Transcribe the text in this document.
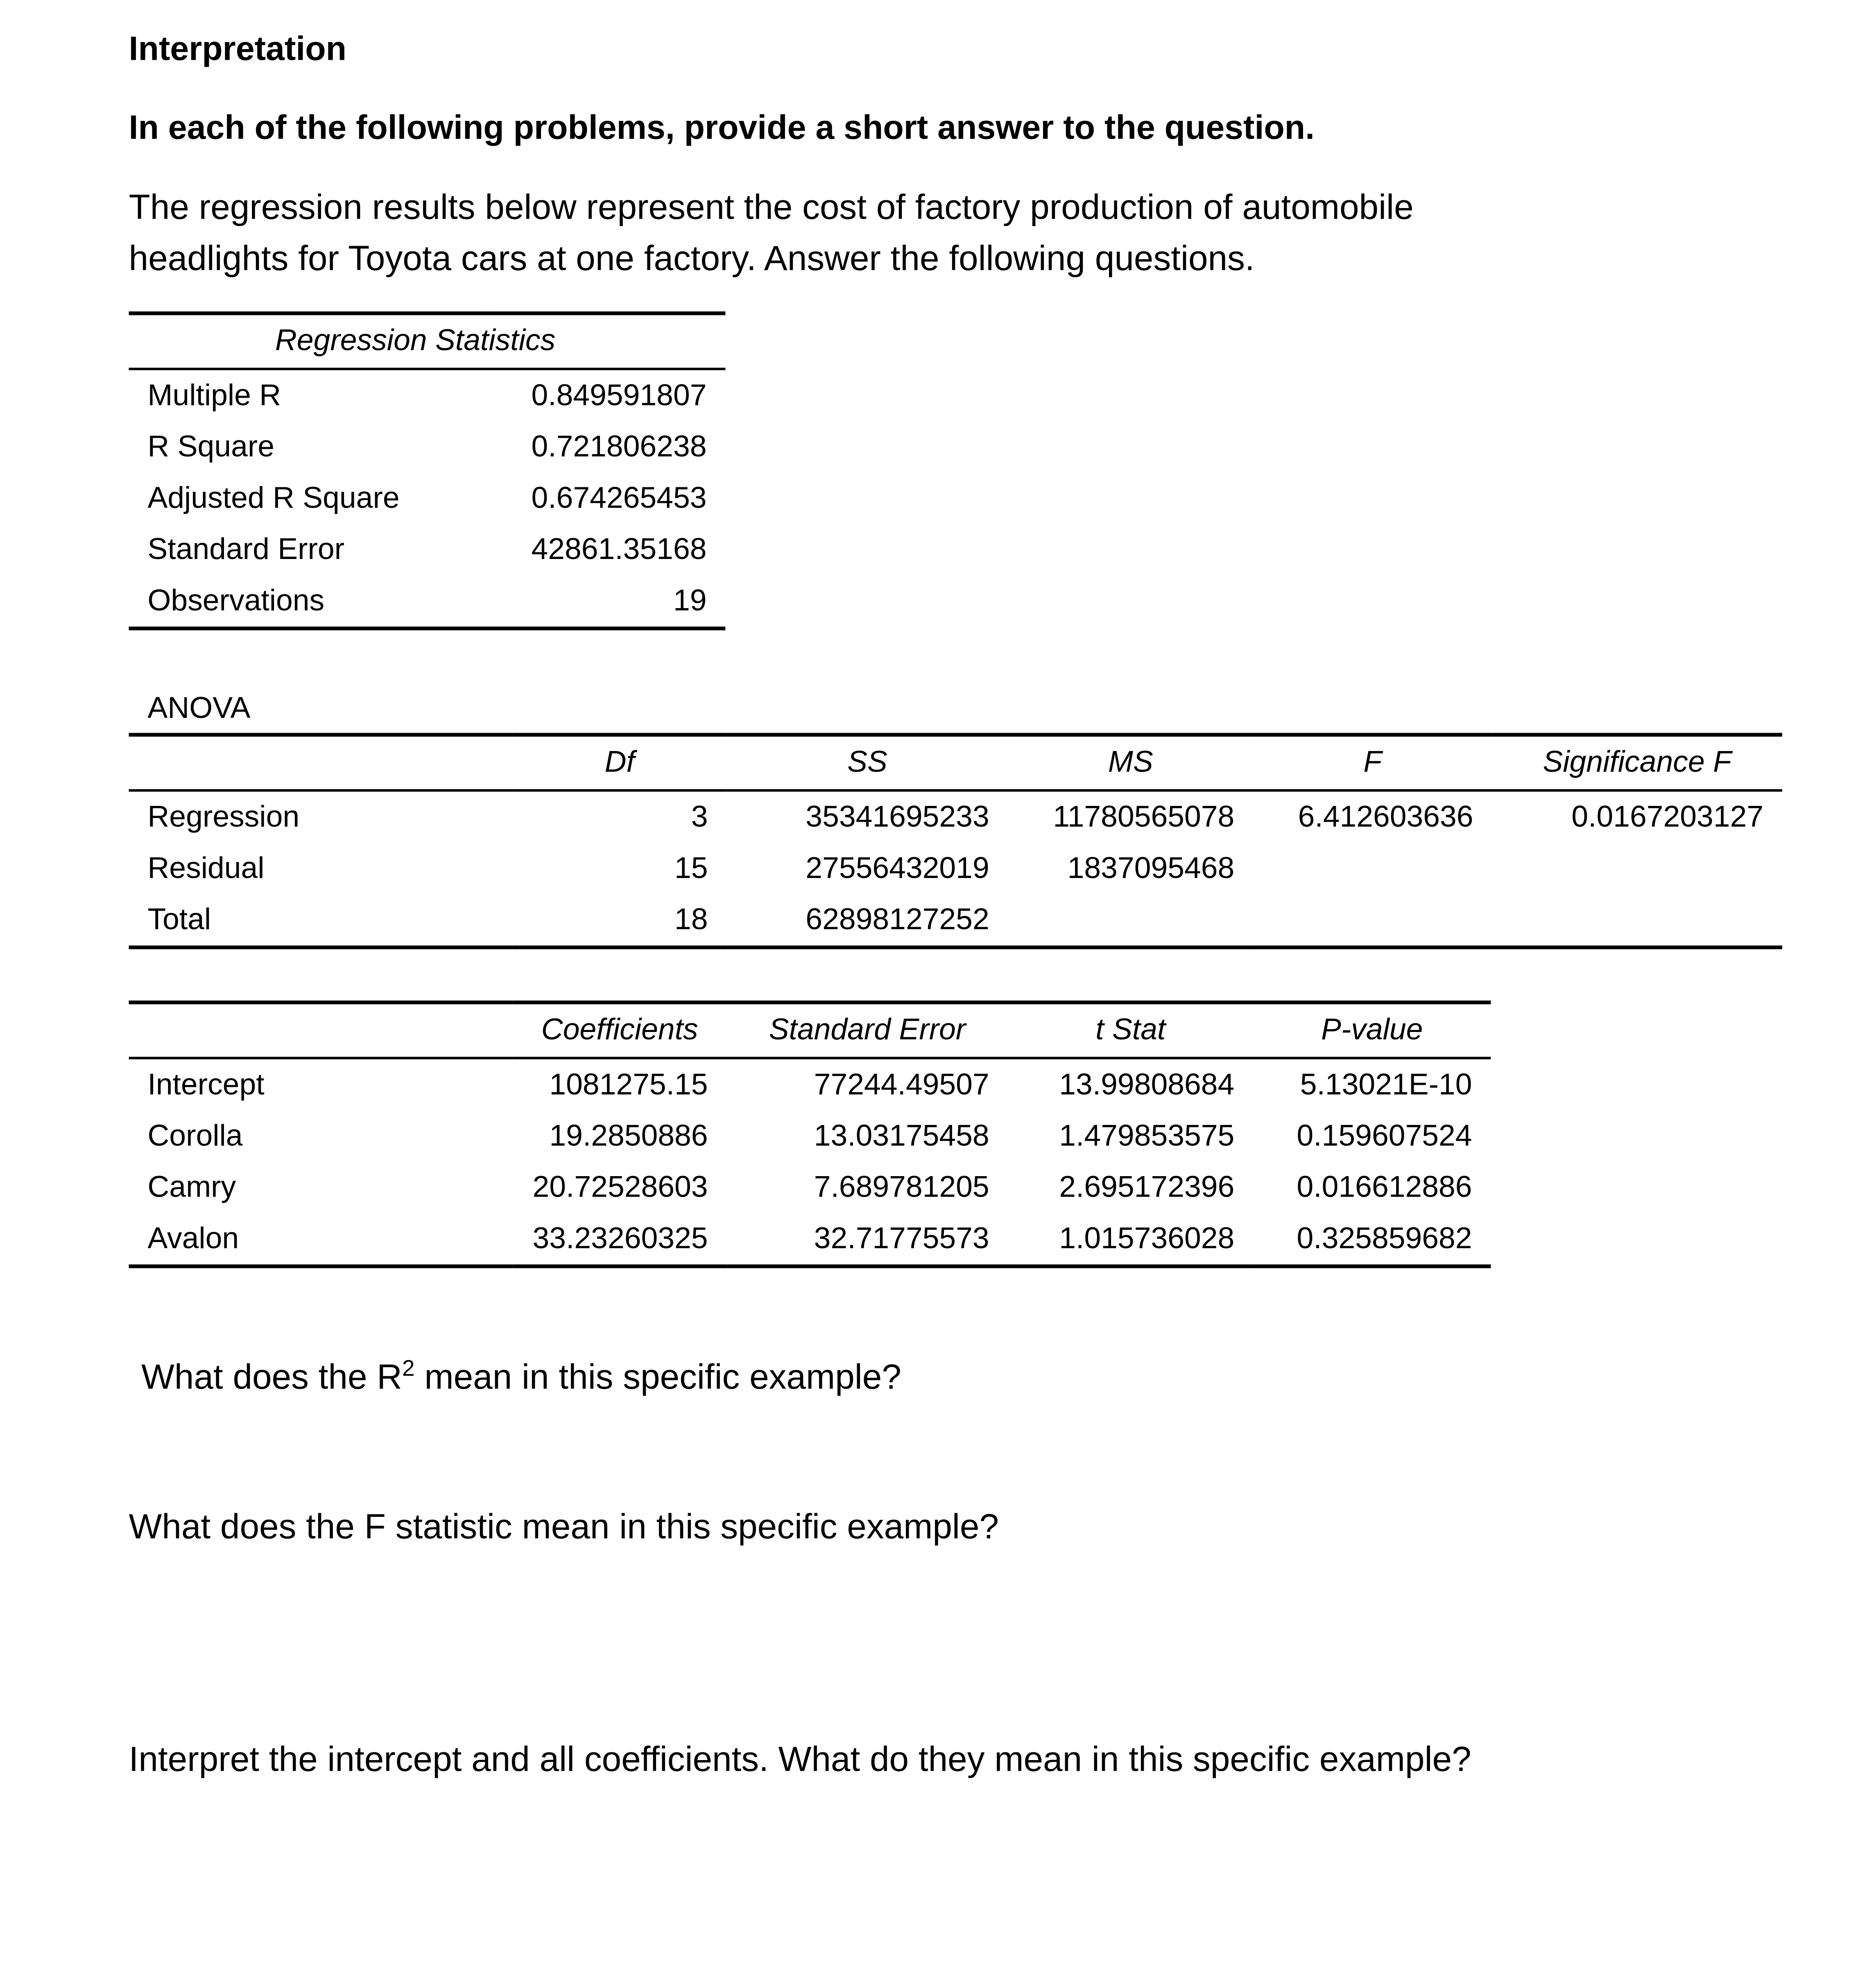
Interpretation
In each of the following problems, provide a short answer to the question.
The regression results below represent the cost of factory production of automobile
headlights for Toyota cars at one factory. Answer the following questions.
Regression Statistics	
Multiple R	0.849591807
R Square	0.721806238
Adjusted R Square	0.674265453
Standard Error	42861.35168
Observations	19
ANOVA
	Df	SS	MS	F	Significance F
Regression	3	35341695233	11780565078	6.412603636	0.0167203127
Residual	15	27556432019	1837095468		
Total	18	62898127252			
	Coefficients	Standard Error	t Stat	P-value
Intercept	1081275.15	77244.49507	13.99808684	5.13021E-10
Corolla	19.2850886	13.03175458	1.479853575	0.159607524
Camry	20.72528603	7.689781205	2.695172396	0.016612886
Avalon	33.23260325	32.71775573	1.015736028	0.325859682
What does the $R^2$ mean in this specific example?
What does the F statistic mean in this specific example?
Interpret the intercept and all coefficients. What do they mean in this specific example?
